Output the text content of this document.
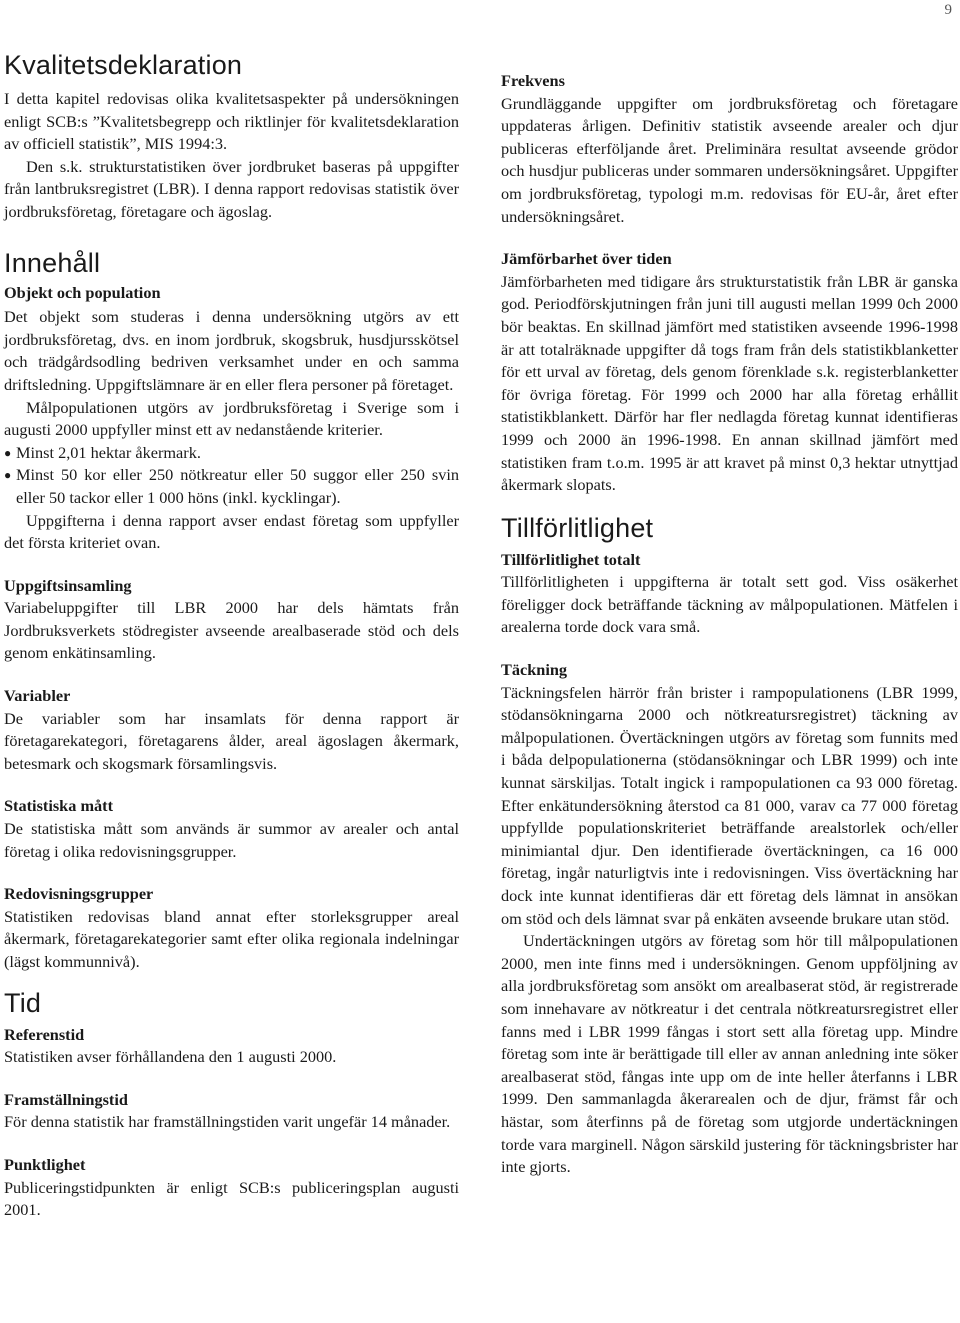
9
Kvalitetsdeklaration

I detta kapitel redovisas olika kvalitetsaspekter på undersökningen enligt SCB:s ”Kvalitetsbegrepp och riktlinjer för kvalitetsdeklaration av officiell statistik”, MIS 1994:3.

Den s.k. strukturstatistiken över jordbruket baseras på uppgifter från lantbruksregistret (LBR). I denna rapport redovisas statistik över jordbruksföretag, företagare och ägoslag.

Innehåll
Objekt och population

Det objekt som studeras i denna undersökning utgörs av ett jordbruksföretag, dvs. en inom jordbruk, skogsbruk, husdjursskötsel och trädgårdsodling bedriven verksamhet under en och samma driftsledning. Uppgiftslämnare är en eller flera personer på företaget.

Målpopulationen utgörs av jordbruksföretag i Sverige som i augusti 2000 uppfyller minst ett av nedanstående kriterier.

● Minst 2,01 hektar åkermark.
● Minst 50 kor eller 250 nötkreatur eller 50 suggor eller 250 svin eller 50 tackor eller 1 000 höns (inkl. kycklingar).

Uppgifterna i denna rapport avser endast företag som uppfyller det första kriteriet ovan.

Uppgiftsinsamling

Variabeluppgifter till LBR 2000 har dels hämtats från Jordbruksverkets stödregister avseende arealbaserade stöd och dels genom enkätinsamling.

Variabler

De variabler som har insamlats för denna rapport är företagarekategori, företagarens ålder, areal ägoslagen åkermark, betesmark och skogsmark församlingsvis.

Statistiska mått

De statistiska mått som används är summor av arealer och antal företag i olika redovisningsgrupper.

Redovisningsgrupper

Statistiken redovisas bland annat efter storleksgrupper areal åkermark, företagarekategorier samt efter olika regionala indelningar (lägst kommunnivå).

Tid
Referenstid

Statistiken avser förhållandena den 1 augusti 2000.

Framställningstid

För denna statistik har framställningstiden varit ungefär 14 månader.

Punktlighet

Publiceringstidpunkten är enligt SCB:s publiceringsplan augusti 2001.

Frekvens

Grundläggande uppgifter om jordbruksföretag och företagare uppdateras årligen. Definitiv statistik avseende arealer och djur publiceras efterföljande året. Preliminära resultat avseende grödor och husdjur publiceras under sommaren undersökningsåret. Uppgifter om jordbruksföretag, typologi m.m. redovisas för EU-år, året efter undersökningsåret.

Jämförbarhet över tiden

Jämförbarheten med tidigare års strukturstatistik från LBR är ganska god. Periodförskjutningen från juni till augusti mellan 1999 0ch 2000 bör beaktas. En skillnad jämfört med statistiken avseende 1996-1998 är att totalräknade uppgifter då togs fram från dels statistikblanketter för ett urval av företag, dels genom förenklade s.k. registerblanketter för övriga företag. För 1999 och 2000 har alla företag erhållit statistikblankett. Därför har fler nedlagda företag kunnat identifieras 1999 och 2000 än 1996-1998. En annan skillnad jämfört med statistiken fram t.o.m. 1995 är att kravet på minst 0,3 hektar utnyttjad åkermark slopats.

Tillförlitlighet
Tillförlitlighet totalt

Tillförlitligheten i uppgifterna är totalt sett god. Viss osäkerhet föreligger dock beträffande täckning av målpopulationen. Mätfelen i arealerna torde dock vara små.

Täckning

Täckningsfelen härrör från brister i rampopulationens (LBR 1999, stödansökningarna 2000 och nötkreatursregistret) täckning av målpopulationen. Övertäckningen utgörs av företag som funnits med i båda delpopulationerna (stödansökningar och LBR 1999) och inte kunnat särskiljas. Totalt ingick i rampopulationen ca 93 000 företag. Efter enkätundersökning återstod ca 81 000, varav ca 77 000 företag uppfyllde populationskriteriet beträffande arealstorlek och/eller minimiantal djur. Den identifierade övertäckningen, ca 16 000 företag, ingår naturligtvis inte i redovisningen. Viss övertäckning har dock inte kunnat identifieras där ett företag dels lämnat in ansökan om stöd och dels lämnat svar på enkäten avseende brukare utan stöd.

Undertäckningen utgörs av företag som hör till målpopulationen 2000, men inte finns med i undersökningen. Genom uppföljning av alla jordbruksföretag som ansökt om arealbaserat stöd, är registrerade som innehavare av nötkreatur i det centrala nötkreatursregistret eller fanns med i LBR 1999 fångas i stort sett alla företag upp. Mindre företag som inte är berättigade till eller av annan anledning inte söker arealbaserat stöd, fångas inte upp om de inte heller återfanns i LBR 1999. Den sammanlagda åkerarealen och de djur, främst får och hästar, som återfinns på de företag som utgjorde undertäckningen torde vara marginell. Någon särskild justering för täckningsbrister har inte gjorts.
